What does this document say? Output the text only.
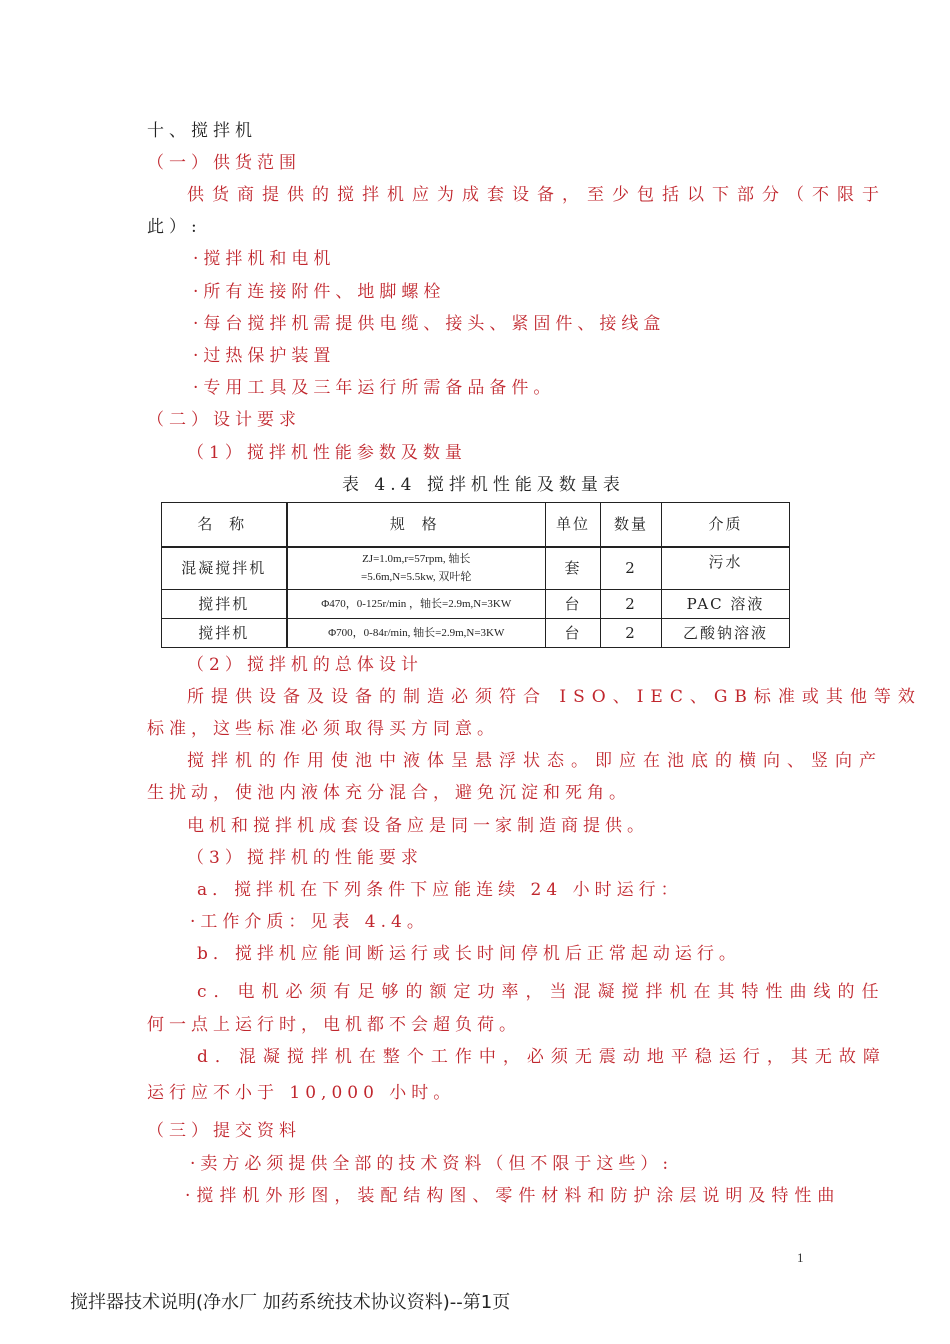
十、搅拌机
（一）供货范围
供货商提供的搅拌机应为成套设备，至少包括以下部分（不限于
此）:
·搅拌机和电机
·所有连接附件、地脚螺栓
·每台搅拌机需提供电缆、接头、紧固件、接线盒
·过热保护装置
·专用工具及三年运行所需备品备件。
（二）设计要求
（1）搅拌机性能参数及数量
表 4.4 搅拌机性能及数量表
名 称	规 格	单位	数量	介质
混凝搅拌机	ZJ=1.0m,r=57rpm, 轴长
=5.6m,N=5.5kw, 双叶轮	套	2	污水
搅拌机	Φ470，0-125r/min ，轴长=2.9m,N=3KW	台	2	PAC 溶液
搅拌机	Φ700，0-84r/min, 轴长=2.9m,N=3KW	台	2	乙酸钠溶液
（2）搅拌机的总体设计
所提供设备及设备的制造必须符合 ISO、IEC、GB标准或其他等效
标准，这些标准必须取得买方同意。
搅拌机的作用使池中液体呈悬浮状态。即应在池底的横向、竖向产
生扰动，使池内液体充分混合，避免沉淀和死角。
电机和搅拌机成套设备应是同一家制造商提供。
（3）搅拌机的性能要求
a．搅拌机在下列条件下应能连续 24 小时运行：
·工作介质：见表 4.4。
b．搅拌机应能间断运行或长时间停机后正常起动运行。
c．电机必须有足够的额定功率，当混凝搅拌机在其特性曲线的任
何一点上运行时，电机都不会超负荷。
d．混凝搅拌机在整个工作中，必须无震动地平稳运行，其无故障
运行应不小于 10,000 小时。
（三）提交资料
·卖方必须提供全部的技术资料（但不限于这些）:
·搅拌机外形图，装配结构图、零件材料和防护涂层说明及特性曲
1
搅拌器技术说明(净水厂 加药系统技术协议资料)--第1页
